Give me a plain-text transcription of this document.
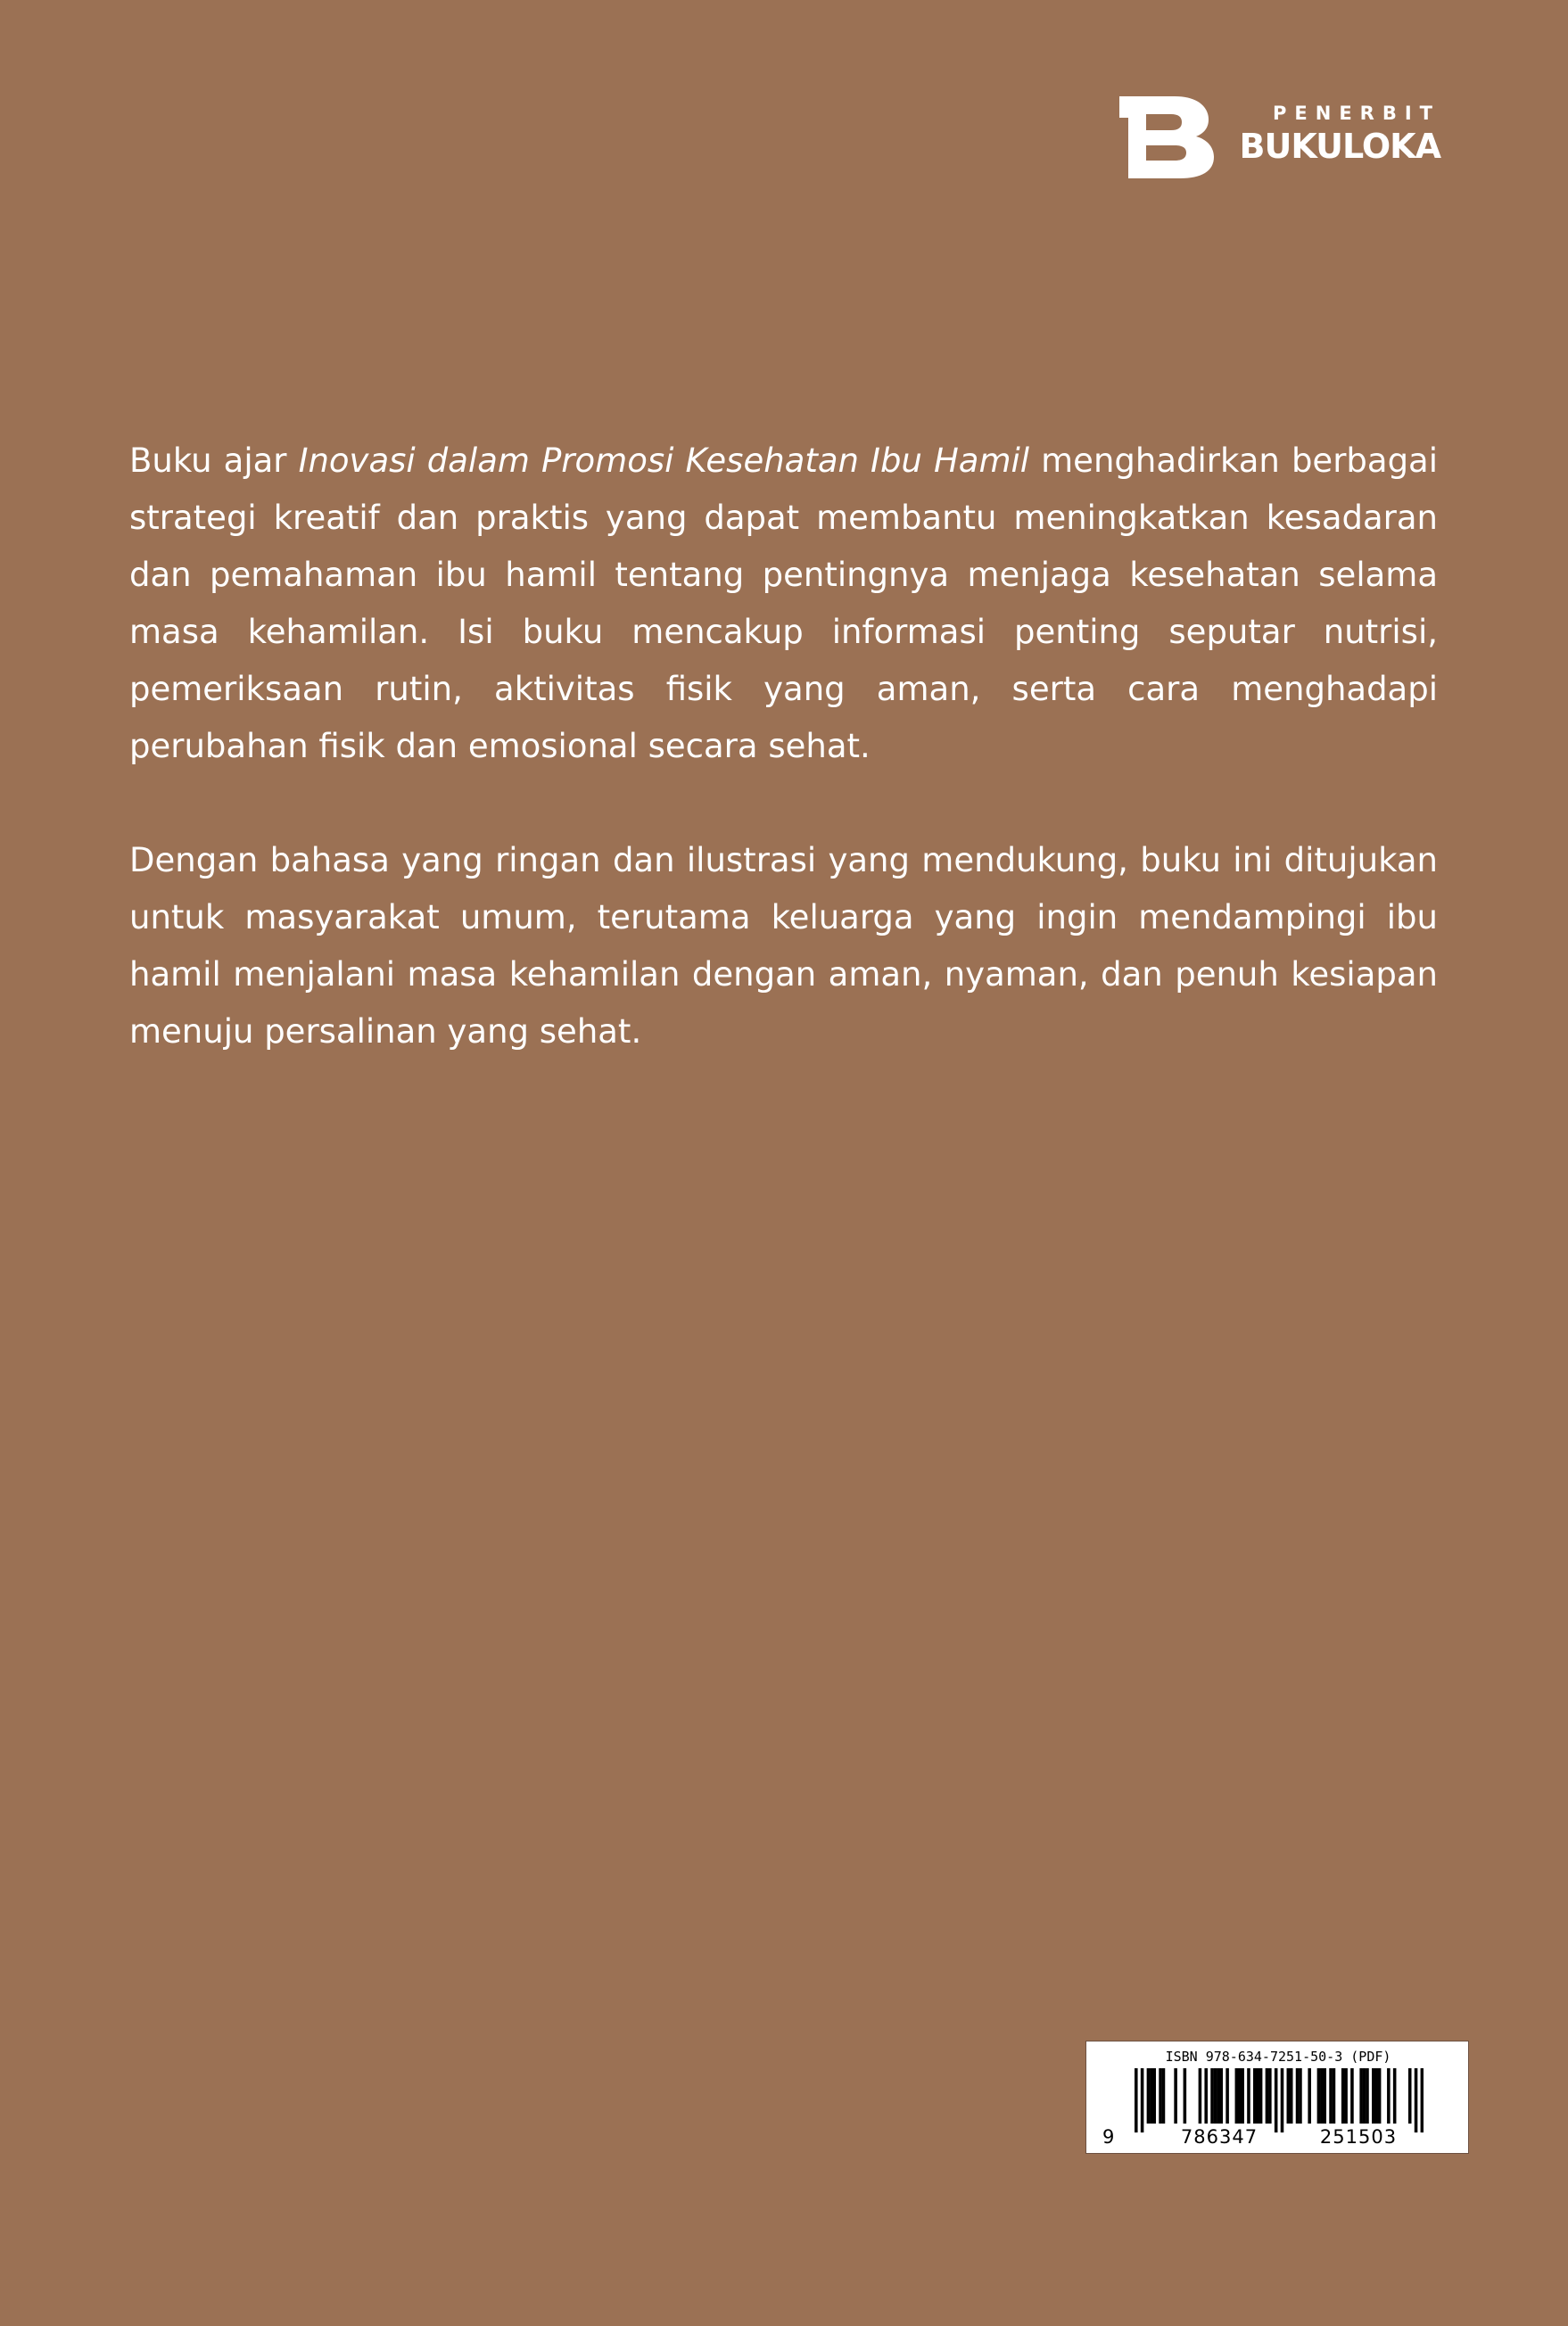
PENERBIT
BUKULOKA

Buku ajar Inovasi dalam Promosi Kesehatan Ibu Hamil menghadirkan berbagai strategi kreatif dan praktis yang dapat membantu meningkatkan kesadaran dan pemahaman ibu hamil tentang pentingnya menjaga kesehatan selama masa kehamilan. Isi buku mencakup informasi penting seputar nutrisi, pemeriksaan rutin, aktivitas fisik yang aman, serta cara menghadapi perubahan fisik dan emosional secara sehat.

Dengan bahasa yang ringan dan ilustrasi yang mendukung, buku ini ditujukan untuk masyarakat umum, terutama keluarga yang ingin mendampingi ibu hamil menjalani masa kehamilan dengan aman, nyaman, dan penuh kesiapan menuju persalinan yang sehat.

ISBN 978-634-7251-50-3 (PDF)
9	786347	251503
